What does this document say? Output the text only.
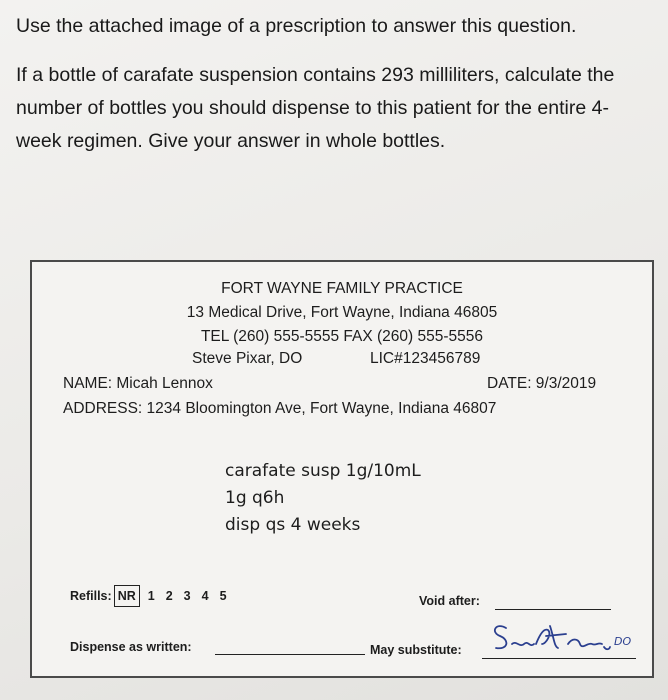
Use the attached image of a prescription to answer this question.

If a bottle of carafate suspension contains 293 milliliters, calculate the number of bottles you should dispense to this patient for the entire 4-week regimen. Give your answer in whole bottles.

FORT WAYNE FAMILY PRACTICE
13 Medical Drive, Fort Wayne, Indiana 46805
TEL (260) 555-5555 FAX (260) 555-5556
Steve Pixar, DO	LIC#123456789
NAME: Micah Lennox	DATE: 9/3/2019
ADDRESS: 1234 Bloomington Ave, Fort Wayne, Indiana 46807
carafate susp 1g/10mL
1g q6h
disp qs 4 weeks
Refills: NR 1 2 3 4 5	Void after:
Dispense as written:	May substitute:
DO
